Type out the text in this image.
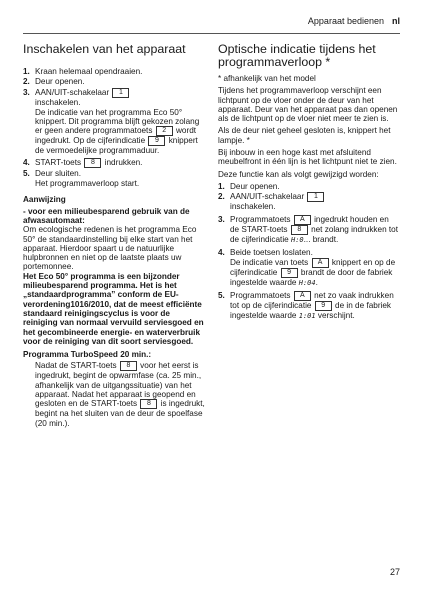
Apparaat bedienen nl
Inschakelen van het apparaat
1. Kraan helemaal opendraaien.
2. Deur openen.
3. AAN/UIT-schakelaar 1
inschakelen.

De indicatie van het programma Eco 50° knippert. Dit programma blijft gekozen zolang er geen andere programmatoets 2 wordt ingedrukt. Op de cijferindicatie 9 knippert de vermoedelijke programmaduur.

4. START-toets 8 indrukken.
5. Deur sluiten.

Het programmaverloop start.

Aanwijzing

- voor een milieubesparend gebruik van de afwasautomaat:

Om ecologische redenen is het programma Eco 50° de standaardinstelling bij elke start van het apparaat. Hierdoor spaart u de natuurlijke hulpbronnen en niet op de laatste plaats uw portemonnee.

Het Eco 50° programma is een bijzonder milieubesparend programma. Het is het „standaardprogramma” conform de EU-verordening1016/2010, dat de meest efficiënte standaard reinigingscyclus is voor de reiniging van normaal vervuild serviesgoed en het gecombineerde energie- en waterverbruik voor de reiniging van dit soort serviesgoed.

Programma TurboSpeed 20 min.:

Nadat de START-toets 8 voor het eerst is ingedrukt, begint de opwarmfase (ca. 25 min., afhankelijk van de uitgangssituatie) van het apparaat. Nadat het apparaat is geopend en gesloten en de START-toets 8 is ingedrukt, begint na het sluiten van de deur de spoelfase (20 min.).

Optische indicatie tijdens het programmaverloop *

* afhankelijk van het model

Tijdens het programmaverloop verschijnt een lichtpunt op de vloer onder de deur van het apparaat. Deur van het apparaat pas dan openen als de lichtpunt op de vloer niet meer te zien is.

Als de deur niet geheel gesloten is, knippert het lampje. *

Bij inbouw in een hoge kast met afsluitend meubelfront in één lijn is het lichtpunt niet te zien.

Deze functie kan als volgt gewijzigd worden:

1. Deur openen.
2. AAN/UIT-schakelaar 1
inschakelen.
3. Programmatoets A ingedrukt houden en de START-toets 8 net zolang indrukken tot de cijferindicatie H:0... brandt.
4. Beide toetsen loslaten.

De indicatie van toets A knippert en op de cijferindicatie 9 brandt de door de fabriek ingestelde waarde H:04.

5. Programmatoets A net zo vaak indrukken tot op de cijferindicatie 9 de in de fabriek ingestelde waarde 1:01 verschijnt.
27
